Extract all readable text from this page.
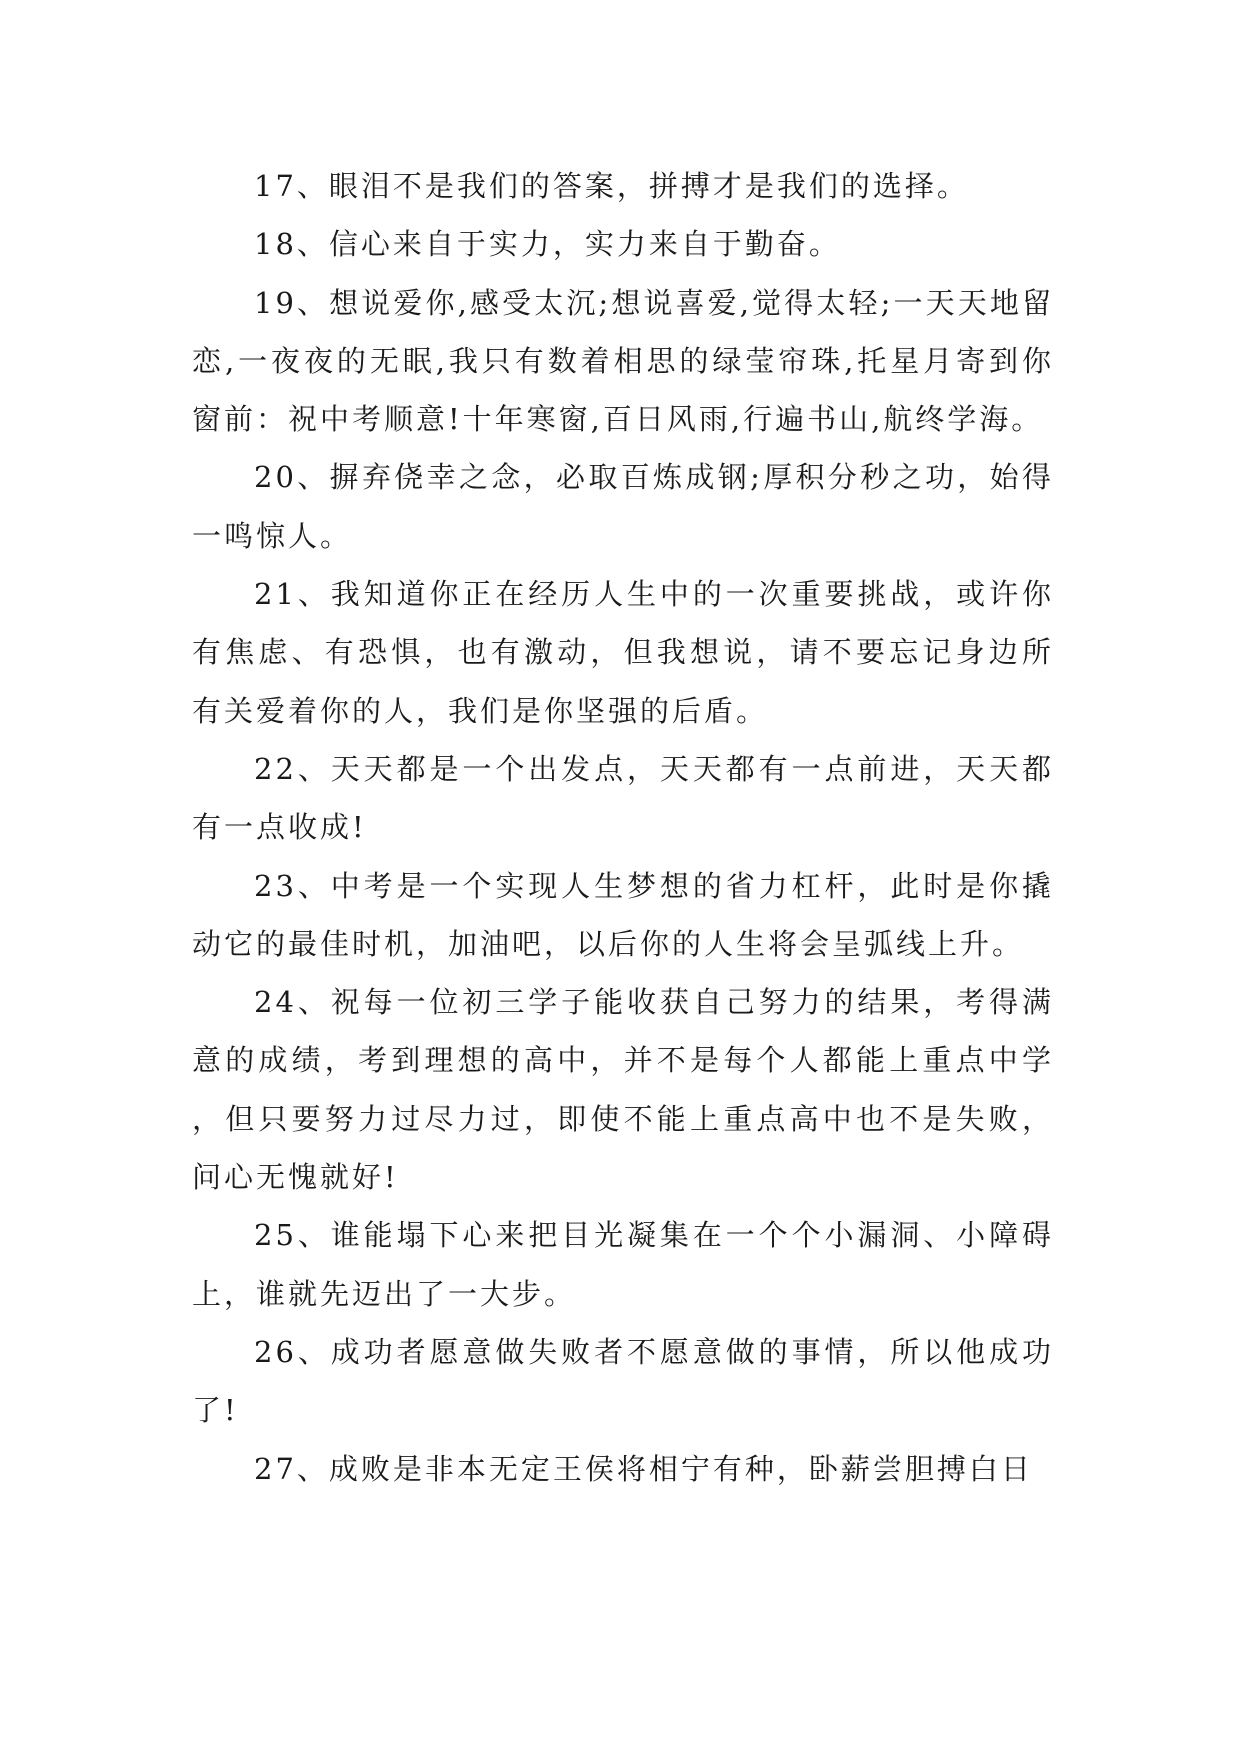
17、眼泪不是我们的答案，拼搏才是我们的选择。

18、信心来自于实力，实力来自于勤奋。

19、想说爱你,感受太沉;想说喜爱,觉得太轻;一天天地留恋,一夜夜的无眠,我只有数着相思的绿莹帘珠,托星月寄到你窗前：祝中考顺意!十年寒窗,百日风雨,行遍书山,航终学海。

20、摒弃侥幸之念，必取百炼成钢;厚积分秒之功，始得一鸣惊人。

21、我知道你正在经历人生中的一次重要挑战，或许你有焦虑、有恐惧，也有激动，但我想说，请不要忘记身边所有关爱着你的人，我们是你坚强的后盾。

22、天天都是一个出发点，天天都有一点前进，天天都有一点收成!

23、中考是一个实现人生梦想的省力杠杆，此时是你撬动它的最佳时机，加油吧，以后你的人生将会呈弧线上升。

24、祝每一位初三学子能收获自己努力的结果，考得满意的成绩，考到理想的高中，并不是每个人都能上重点中学，但只要努力过尽力过，即使不能上重点高中也不是失败，问心无愧就好!

25、谁能塌下心来把目光凝集在一个个小漏洞、小障碍上，谁就先迈出了一大步。

26、成功者愿意做失败者不愿意做的事情，所以他成功了!

27、成败是非本无定王侯将相宁有种，卧薪尝胆搏白日
